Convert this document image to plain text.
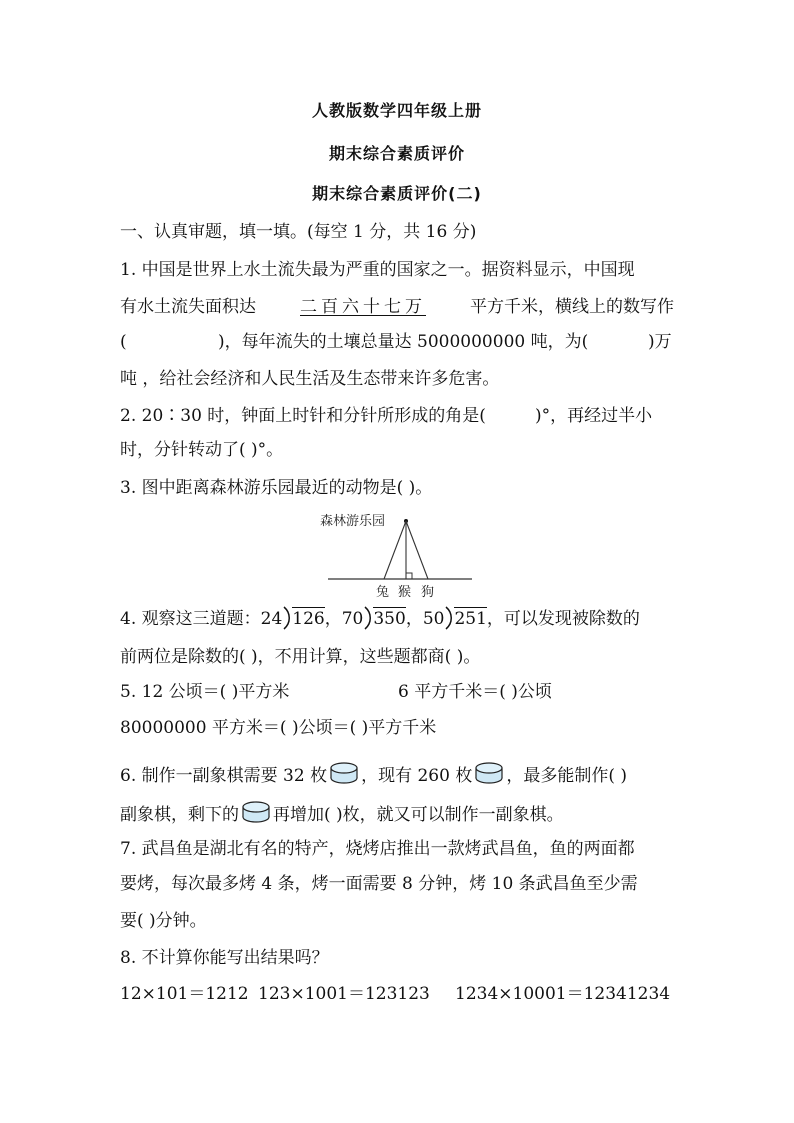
人教版数学四年级上册
期末综合素质评价
期末综合素质评价(二)
一、认真审题，填一填。(每空 1 分，共 16 分)
1. 中国是世界上水土流失最为严重的国家之一。据资料显示，中国现
有水土流失面积达	二百六十七万	平方千米，横线上的数写作
(	)，每年流失的土壤总量达 5000000000 吨，为(	)万
吨 ，给社会经济和人民生活及生态带来许多危害。
2. 20∶30 时，钟面上时针和分针所形成的角是(	)°，再经过半小
时，分针转动了( )°。
3. 图中距离森林游乐园最近的动物是( )。
森林游乐园
兔 猴 狗
4. 观察这三道题：24 126，70 350，50 251，可以发现被除数的
前两位是除数的( )，不用计算，这些题都商( )。
5. 12 公顷＝( )平方米	6 平方千米＝( )公顷
80000000 平方米＝( )公顷＝( )平方千米
6. 制作一副象棋需要 32 枚 ，现有 260 枚 ，最多能制作( )
副象棋，剩下的 再增加( )枚，就又可以制作一副象棋。
7. 武昌鱼是湖北有名的特产，烧烤店推出一款烤武昌鱼，鱼的两面都
要烤，每次最多烤 4 条，烤一面需要 8 分钟，烤 10 条武昌鱼至少需
要( )分钟。
8. 不计算你能写出结果吗？
12×101＝1212 123×1001＝123123 1234×10001＝12341234
